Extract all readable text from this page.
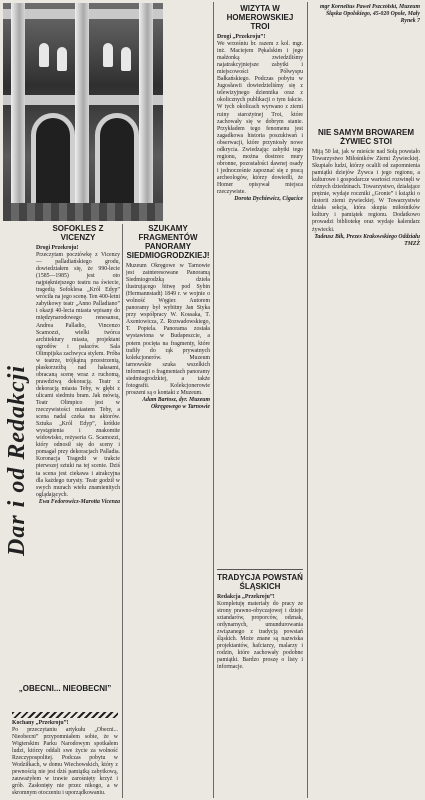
Dar i od Redakcji
SOFOKLES Z VICENZY
Drogi Przekroju!
Przeczytam pocztówkę z Vicenzy — palladiańskiego grodu, dowiedziałem się, że 990-lecie (1585—1985) jest oto najpiękniejszego teatru na świecie, tragedią Sofoklesa „Król Edyp” wróciła na jego scenę. Ten 400-letni zabytkowy teatr „Anno Palladiano” i okazji 40-lecia miasta wpisany do międzynarodowego renesansu, Andrea Palladio, Vincenzo Scamozzi, wielki twórca architektury miasta, projektant ogrodów i pałaców. Sala Olimpijska zachwyca stylem. Próba w teatrze, trójkątną przestrzenią, płaskorzeźbą nad hałasami, obracaną scenę wraz z ruchomą, prawdziwą dekoracją. Teatr z dekoracją miasta Teby, w głębi z ulicami siedmiu bram. Jak mówią, Teatr Olimpico jest w rzeczywistości miastem Teby, a scena nadal czeka na aktorów. Sztuka „Król Edyp”, krótkie wystąpienia i znakomite widowisko, reżyseria G. Scamozzi, który odnosił się do sceny i pomagał przy dekoracjach Palladia. Koronacja Tragedii w trakcie pierwszej sztuki na tej scenie. Dziś ta scena jest ciekawa i atrakcyjna dla każdego turysty. Teatr godził w swych murach wielu znamienitych oglądających.
Ewa Fedorowicz-Marotta Vicenza
„OBECNI... NIEOBECNI”
Kochany „Przekroju”!
Po przeczytaniu artykułu „Obecni... Nieobecni” przypomniałem sobie, że w Wigierskim Parku Narodowym spotkałem ludzi, którzy oddali swe życie za wolność Rzeczypospolitej. Podczas pobytu w Wodziłkach, w domu Wiechowskich, który z pewnością nie jest dziś pamiątką zabytkową, zauważyłem w trawie zarośnięty krzyż i grób. Zasłonięty nie przez nikogo, a w skromnym otoczeniu i uporządkowaniu.
SZUKAMY FRAGMENTÓW PANORAMY SIEDMIOGRODZKIEJ!
Muzeum Okręgowe w Tarnowie jest zainteresowane Panoramą Siedmiogrodzką dzieła ilustrującego bitwę pod Sybin (Hermannstadt) 1849 r. w wojnie o wolność Węgier. Autorem panoramy był wybitny Jan Styka przy współpracy W. Kossaka, T. Axentowicza, Z. Rozwadowskiego, T. Popiela. Panorama została wystawiona w Budapeszcie, a potem pocięta na fragmenty, które trafiły do rąk prywatnych kolekcjonerów. Muzeum tarnowskie szuka wszelkich informacji o fragmentach panoramy siedmiogrodzkiej, a także fotografii. Kolekcjonerowie proszeni są o kontakt z Muzeum.
Adam Bartosz, dyr. Muzeum Okręgowego w Tarnowie
WIZYTA W HOMEROWSKIEJ TROI
Drogi „Przekroju”!
We wrześniu br. razem z kol. mgr. inż. Maciejem Pękalskim i jego małżonką zwiedziliśmy najatrakcyjniejsze zabytki i miejscowości Półwyspu Bałkańskiego. Podczas pobytu w Jugosławii dowiedzieliśmy się z telewizyjnego dziennika oraz z okolicznych publikacji o tym fakcie. W tych okolicach wyrwano z ziemi ruiny starożytnej Troi, które zachowały się w dobrym stanie. Przykładem tego fenomenu jest zagadkowa historia poszukiwań i obserwacji, które przyniosły nowe odkrycia. Zwiedzając zabytki tego regionu, można dostrzec mury obronne, pozostałości dawnej osady i jednocześnie zapoznać się z pracą archeologów, którzy dowiedli, że Homer opisywał miejsca rzeczywiste.
Dorota Dychiewicz, Cigacice
TRADYCJA POWSTAŃ ŚLĄSKICH
Redakcja „Przekroju”!
Kompletuję materiały do pracy ze strony prawno-obyczajowej i dzieje sztandarów, proporców, odznak, ordynarnych, umundurowania związanego z tradycją powstań śląskich. Może znane są nazwiska projektantów, hafciarzy, malarzy i rodzin, które zachowały podobne pamiątki. Bardzo proszę o listy i informacje.
mgr Kornelius Paweł Pszczółski, Muzeum Śląska Opolskiego, 45-020 Opole, Mały Rynek 7
NIE SAMYM BROWAREM ŻYWIEC STOI
Miją 50 lat, jak w mieście nad Sołą powstało Towarzystwo Miłośników Ziemi Żywieckiej. Skupiało ludzi, którzy ocalili od zapomnienia pamiątki dziejów Żywca i jego regionu, a kulturowe i gospodarcze wartości rozwinęli w różnych dziedzinach. Towarzystwo, działające prężnie, wydaje roczniki „Gronie” i książki o historii ziemi żywieckiej. W Towarzystwie działa sekcja, która skupia miłośników kultury i pamiątek regionu. Dodatkowo prowadzi bibliotekę oraz wydaje kalendarz żywiecki.
Tadeusz Bik, Prezes Krakowskiego Oddziału TMZŻ
